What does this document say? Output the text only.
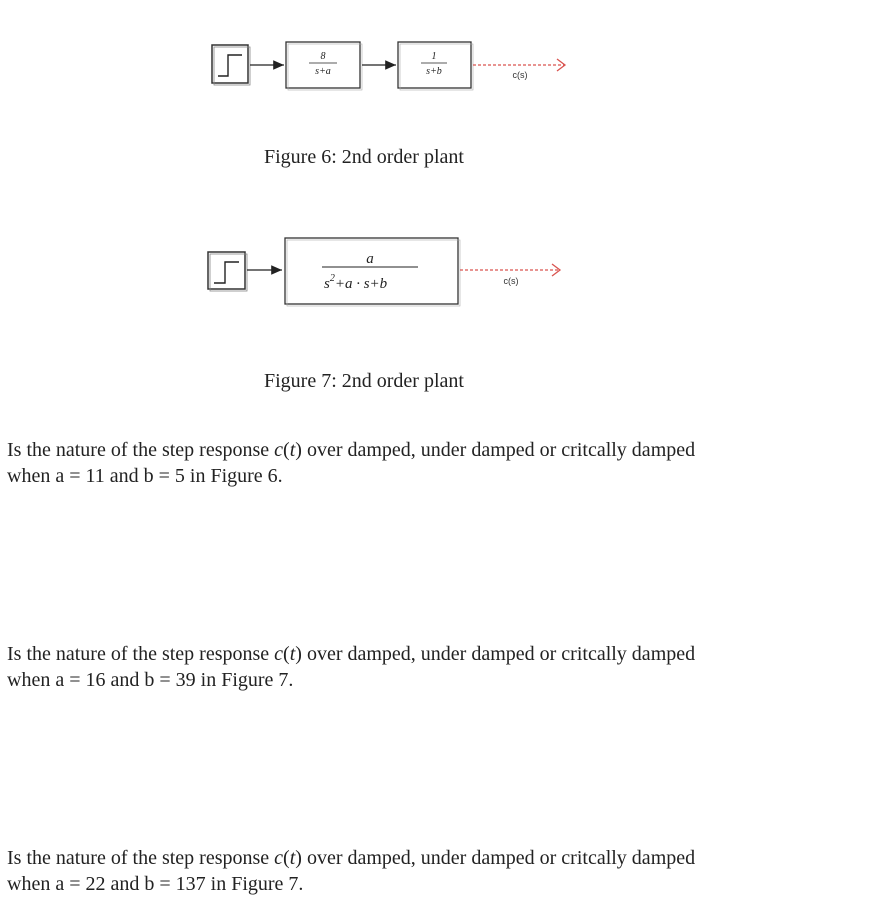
8
s+a
1
s+b	c(s)
Figure 6: 2nd order plant
a
$s^2+a \cdot s+b$	c(s)
Figure 7: 2nd order plant
Is the nature of the step response c(t) over damped, under damped or critcally damped
when a = 11 and b = 5 in Figure 6.
Is the nature of the step response c(t) over damped, under damped or critcally damped
when a = 16 and b = 39 in Figure 7.
Is the nature of the step response c(t) over damped, under damped or critcally damped
when a = 22 and b = 137 in Figure 7.
